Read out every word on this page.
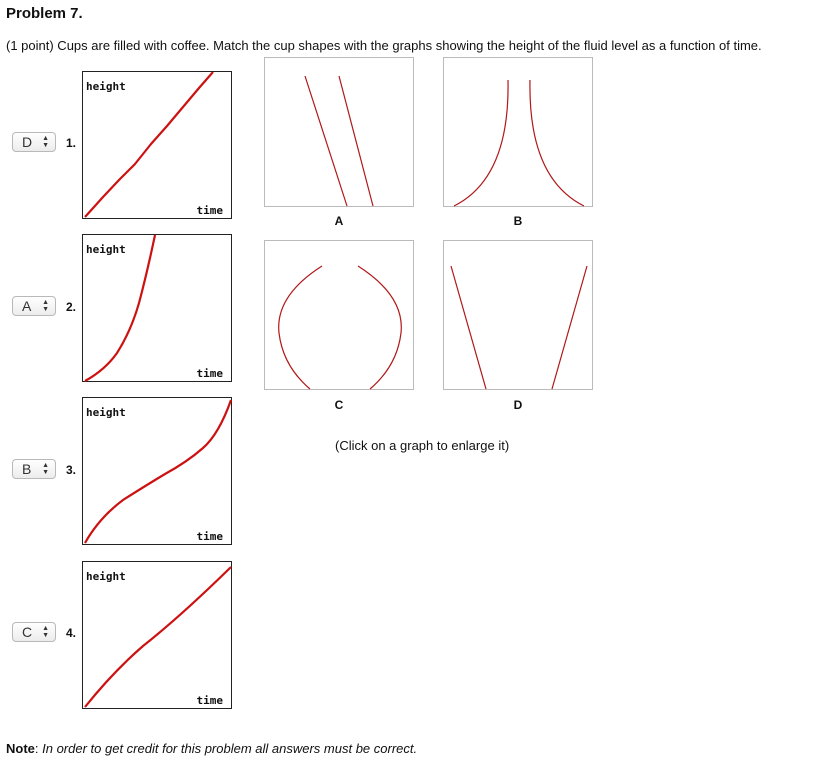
Problem 7.
(1 point) Cups are filled with coffee. Match the cup shapes with the graphs showing the height of the fluid level as a function of time.
D ▲
▼ 1.
height
time
A ▲
▼ 2.
height
time
B ▲
▼ 3.
height
time
C ▲
▼ 4.
height
time
A	B
C	D
(Click on a graph to enlarge it)
Note: In order to get credit for this problem all answers must be correct.
